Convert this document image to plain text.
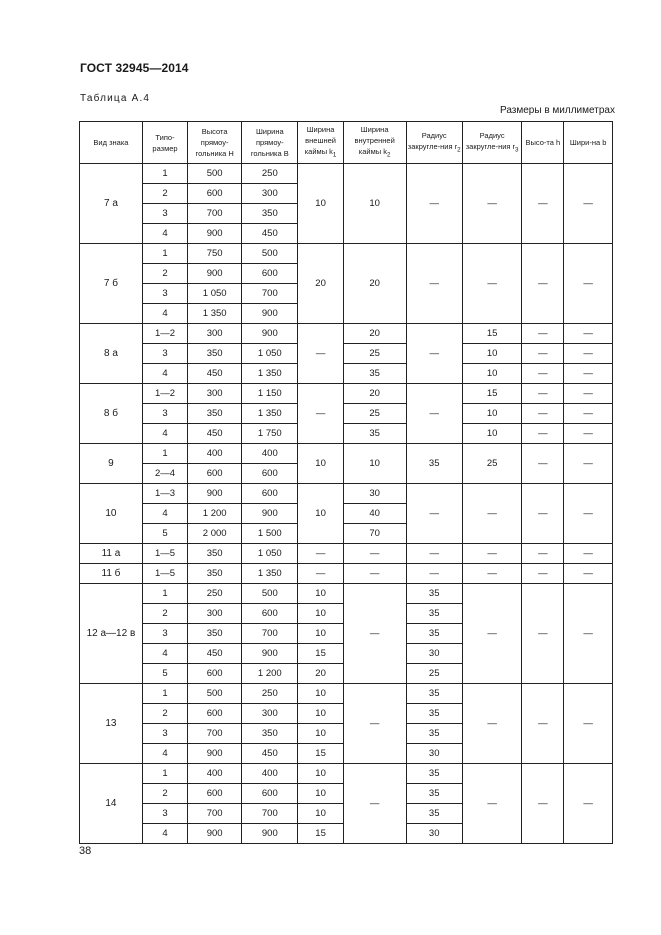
ГОСТ 32945—2014
Таблица А.4
Размеры в миллиметрах
Вид знака	Типо-размер	Высота прямоу-гольника H	Ширина прямоу-гольника B	Ширина внешней каймы $k_1$	Ширина внутренней каймы $k_2$	Радиус закругле-ния $r_2$	Радиус закругле-ния $r_3$	Высо-та h	Шири-на b
7 а	1	500	250	10	10	—	—	—	—
	2	600	300						
	3	700	350						
	4	900	450						
7 б	1	750	500	20	20	—	—	—	—
	2	900	600						
	3	1 050	700						
	4	1 350	900						
8 а	1—2	300	900	—	20	—	15	—	—
	3	350	1 050		25		10	—	—
	4	450	1 350		35		10	—	—
8 б	1—2	300	1 150	—	20	—	15	—	—
	3	350	1 350		25		10	—	—
	4	450	1 750		35		10	—	—
9	1	400	400	10	10	35	25	—	—
	2—4	600	600						
10	1—3	900	600	10	30	—	—	—	—
	4	1 200	900		40				
	5	2 000	1 500		70				
11 а	1—5	350	1 050	—	—	—	—	—	—
11 б	1—5	350	1 350	—	—	—	—	—	—
12 а—12 в	1	250	500	10	—	35	—	—	—
	2	300	600	10		35			
	3	350	700	10		35			
	4	450	900	15		30			
	5	600	1 200	20		25			
13	1	500	250	10	—	35	—	—	—
	2	600	300	10		35			
	3	700	350	10		35			
	4	900	450	15		30			
14	1	400	400	10	—	35	—	—	—
	2	600	600	10		35			
	3	700	700	10		35			
	4	900	900	15		30			
38
